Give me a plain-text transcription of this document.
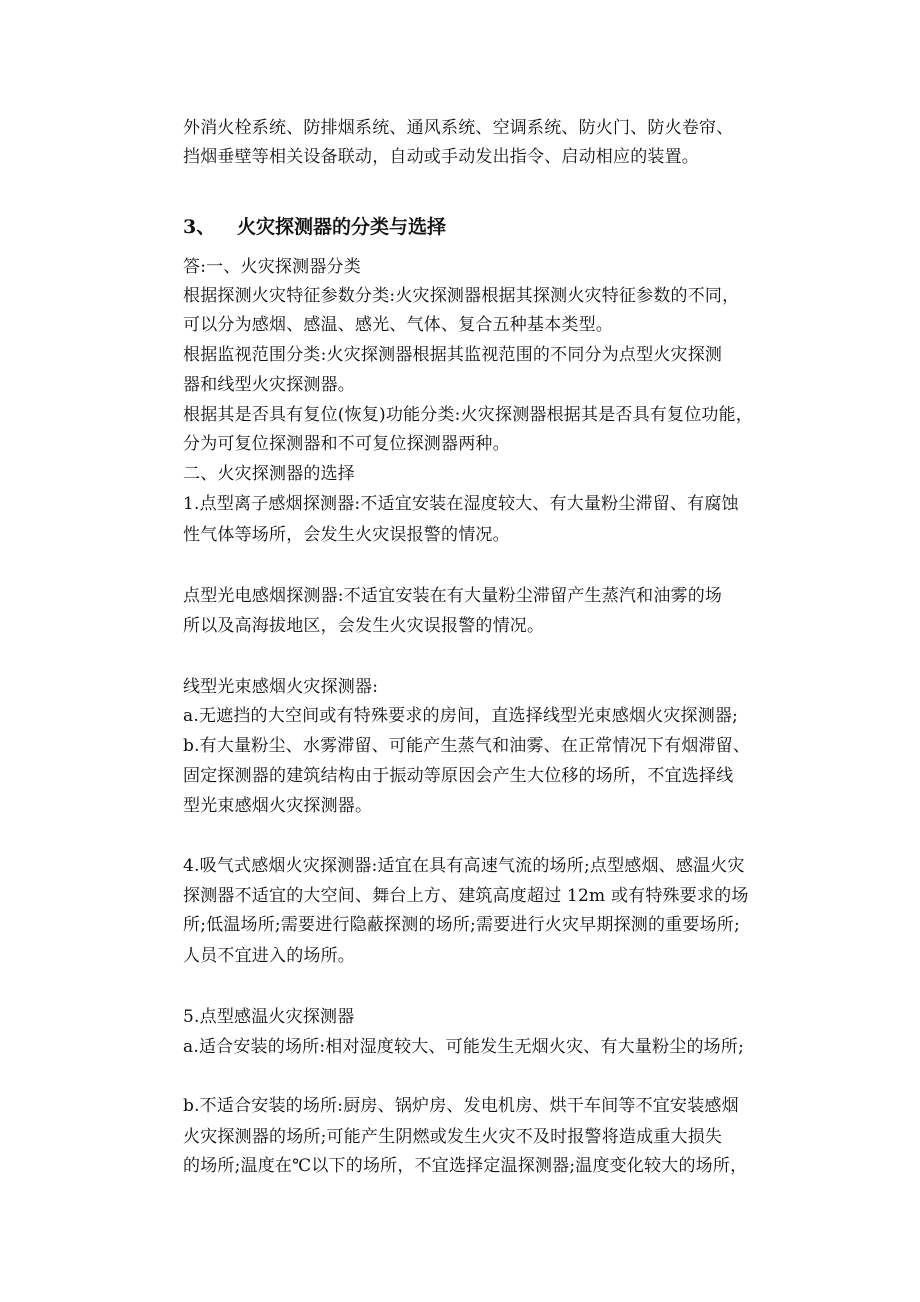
外消火栓系统、防排烟系统、通风系统、空调系统、防火门、防火卷帘、
挡烟垂壁等相关设备联动，自动或手动发出指令、启动相应的装置。
3、 火灾探测器的分类与选择
答:一、火灾探测器分类
根据探测火灾特征参数分类:火灾探测器根据其探测火灾特征参数的不同，
可以分为感烟、感温、感光、气体、复合五种基本类型。
根据监视范围分类:火灾探测器根据其监视范围的不同分为点型火灾探测
器和线型火灾探测器。
根据其是否具有复位(恢复)功能分类:火灾探测器根据其是否具有复位功能，
分为可复位探测器和不可复位探测器两种。
二、火灾探测器的选择
1.点型离子感烟探测器:不适宜安装在湿度较大、有大量粉尘滞留、有腐蚀
性气体等场所，会发生火灾误报警的情况。
点型光电感烟探测器:不适宜安装在有大量粉尘滞留产生蒸汽和油雾的场
所以及高海拔地区，会发生火灾误报警的情况。
线型光束感烟火灾探测器:
a.无遮挡的大空间或有特殊要求的房间，直选择线型光束感烟火灾探测器;
b.有大量粉尘、水雾滞留、可能产生蒸气和油雾、在正常情况下有烟滞留、
固定探测器的建筑结构由于振动等原因会产生大位移的场所，不宜选择线
型光束感烟火灾探测器。
4.吸气式感烟火灾探测器:适宜在具有高速气流的场所;点型感烟、感温火灾
探测器不适宜的大空间、舞台上方、建筑高度超过 12m 或有特殊要求的场
所;低温场所;需要进行隐蔽探测的场所;需要进行火灾早期探测的重要场所;
人员不宜进入的场所。
5.点型感温火灾探测器
a.适合安装的场所:相对湿度较大、可能发生无烟火灾、有大量粉尘的场所;
b.不适合安装的场所:厨房、锅炉房、发电机房、烘干车间等不宜安装感烟
火灾探测器的场所;可能产生阴燃或发生火灾不及时报警将造成重大损失
的场所;温度在℃以下的场所，不宜选择定温探测器;温度变化较大的场所，
